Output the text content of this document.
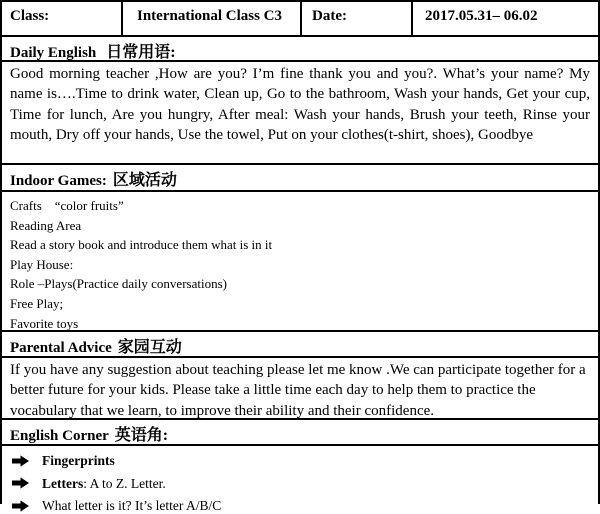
Class:	International Class C3	Date:	2017.05.31– 06.02
Daily English 日常用语:
Good morning teacher ,How are you? I’m fine thank you and you?. What’s your name? My name is….Time to drink water, Clean up, Go to the bathroom, Wash your hands, Get your cup, Time for lunch, Are you hungry, After meal: Wash your hands, Brush your teeth, Rinse your mouth, Dry off your hands, Use the towel, Put on your clothes(t-shirt, shoes), Goodbye
Indoor Games: 区域活动
Crafts    “color fruits”
Reading Area
Read a story book and introduce them what is in it
Play House:
Role –Plays(Practice daily conversations)
Free Play;
Favorite toys
Parental Advice 家园互动
If you have any suggestion about teaching please let me know .We can participate together for a better future for your kids. Please take a little time each day to help them to practice the vocabulary that we learn, to improve their ability and their confidence.
English Corner 英语角:
Fingerprints
Letters: A to Z. Letter.
What letter is it? It’s letter A/B/C
